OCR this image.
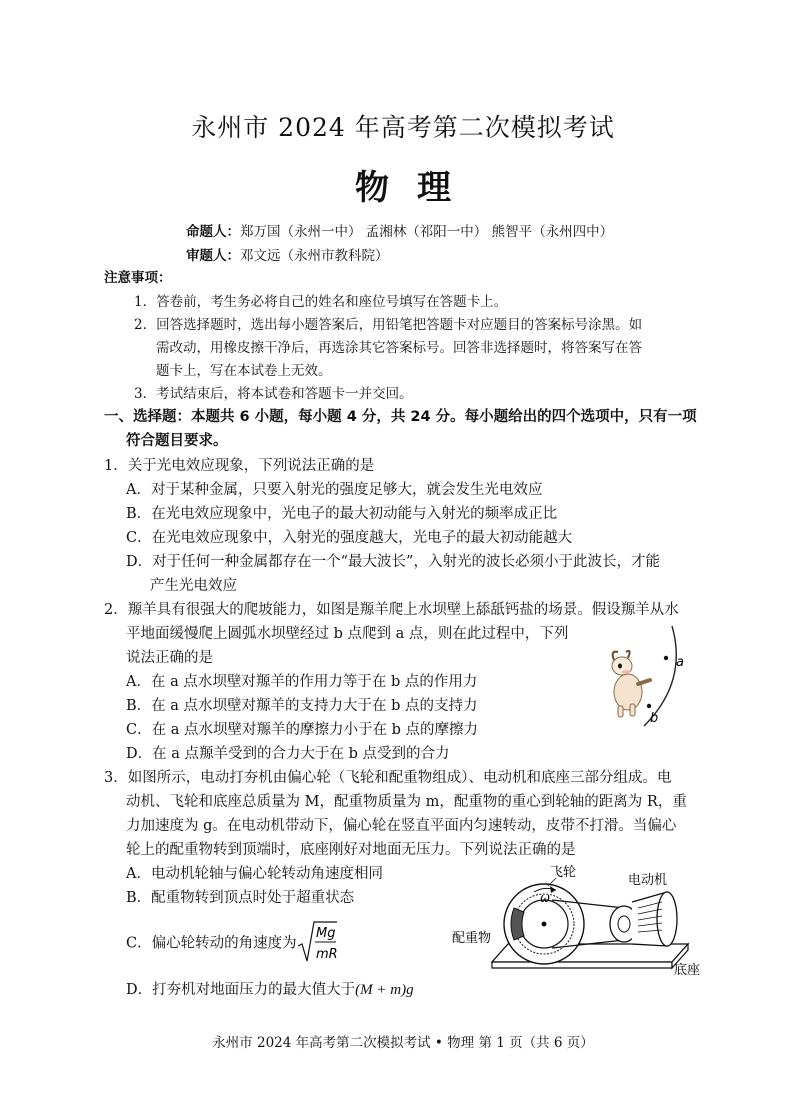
永州市 2024 年高考第二次模拟考试
物理
命题人：郑万国（永州一中） 孟湘林（祁阳一中） 熊智平（永州四中）
审题人：邓文远（永州市教科院）
注意事项：
1．答卷前，考生务必将自己的姓名和座位号填写在答题卡上。
2．回答选择题时，选出每小题答案后，用铅笔把答题卡对应题目的答案标号涂黑。如
需改动，用橡皮擦干净后，再选涂其它答案标号。回答非选择题时，将答案写在答
题卡上，写在本试卷上无效。
3．考试结束后，将本试卷和答题卡一并交回。
一、选择题：本题共 6 小题，每小题 4 分，共 24 分。每小题给出的四个选项中，只有一项
符合题目要求。
1．关于光电效应现象，下列说法正确的是
A．对于某种金属，只要入射光的强度足够大，就会发生光电效应
B．在光电效应现象中，光电子的最大初动能与入射光的频率成正比
C．在光电效应现象中，入射光的强度越大，光电子的最大初动能越大
D．对于任何一种金属都存在一个“最大波长”，入射光的波长必须小于此波长，才能
产生光电效应
2．羱羊具有很强大的爬坡能力，如图是羱羊爬上水坝壁上舔舐钙盐的场景。假设羱羊从水
平地面缓慢爬上圆弧水坝壁经过 b 点爬到 a 点，则在此过程中，下列
说法正确的是
A．在 a 点水坝壁对羱羊的作用力等于在 b 点的作用力
B．在 a 点水坝壁对羱羊的支持力大于在 b 点的支持力
C．在 a 点水坝壁对羱羊的摩擦力小于在 b 点的摩擦力
D．在 a 点羱羊受到的合力大于在 b 点受到的合力
a
b
3．如图所示，电动打夯机由偏心轮（飞轮和配重物组成）、电动机和底座三部分组成。电
动机、飞轮和底座总质量为 M，配重物质量为 m，配重物的重心到轮轴的距离为 R，重
力加速度为 g。在电动机带动下，偏心轮在竖直平面内匀速转动，皮带不打滑。当偏心
轮上的配重物转到顶端时，底座刚好对地面无压力。下列说法正确的是
A．电动机轮轴与偏心轮转动角速度相同
B．配重物转到顶点时处于超重状态
C．偏心轮转动的角速度为
Mg
mR
D．打夯机对地面压力的最大值大于(M + m)g
ω
飞轮
电动机
配重物
底座
永州市 2024 年高考第二次模拟考试 • 物理 第 1 页（共 6 页）
